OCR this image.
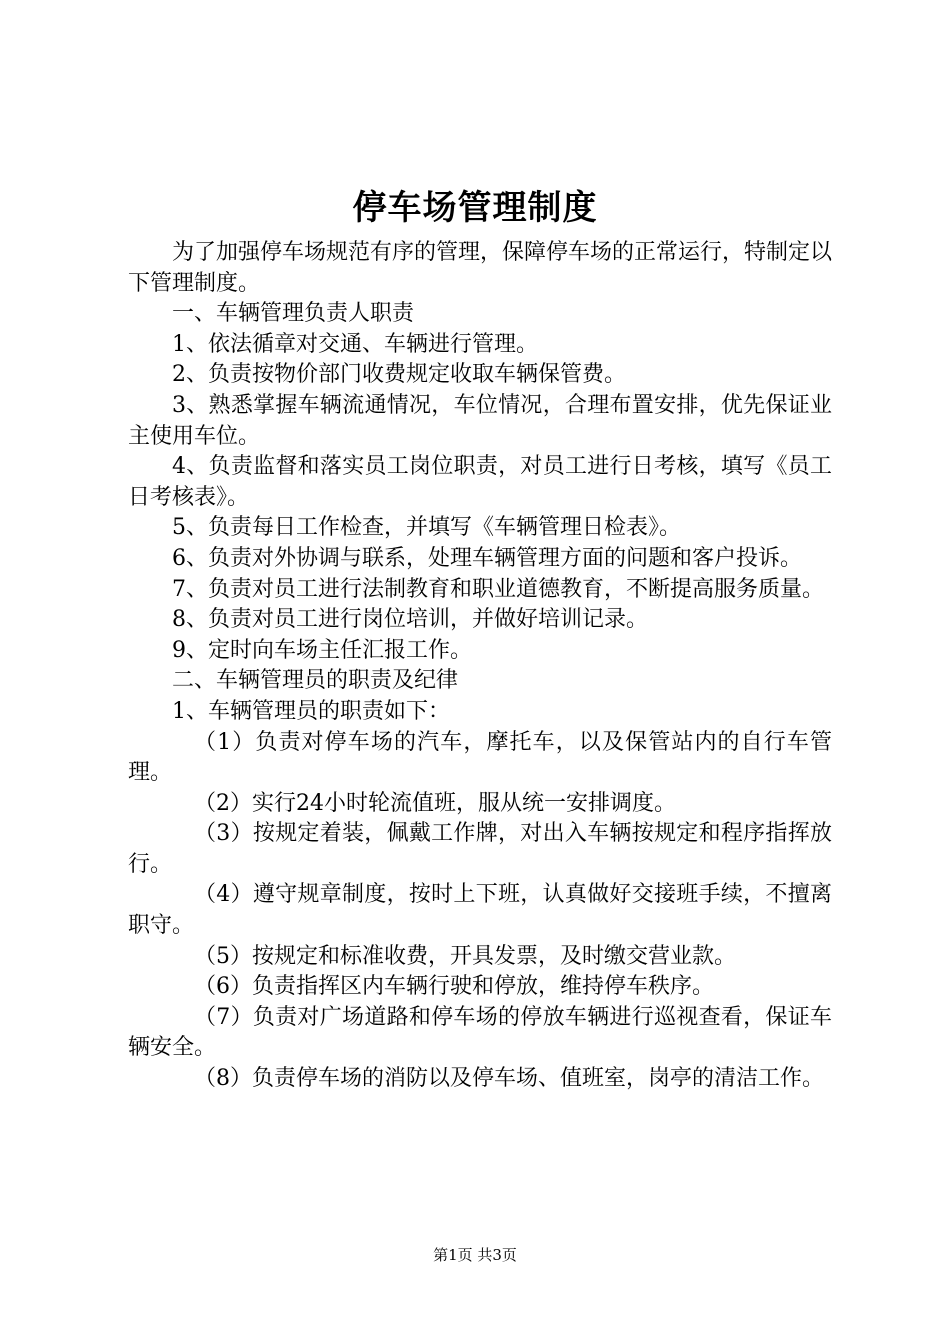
停车场管理制度

为了加强停车场规范有序的管理，保障停车场的正常运行，特制定以下管理制度。

一、车辆管理负责人职责

1、依法循章对交通、车辆进行管理。

2、负责按物价部门收费规定收取车辆保管费。

3、熟悉掌握车辆流通情况，车位情况，合理布置安排，优先保证业主使用车位。

4、负责监督和落实员工岗位职责，对员工进行日考核，填写《员工日考核表》。

5、负责每日工作检查，并填写《车辆管理日检表》。

6、负责对外协调与联系，处理车辆管理方面的问题和客户投诉。

7、负责对员工进行法制教育和职业道德教育，不断提高服务质量。

8、负责对员工进行岗位培训，并做好培训记录。

9、定时向车场主任汇报工作。

二、车辆管理员的职责及纪律

1、车辆管理员的职责如下：

（1）负责对停车场的汽车，摩托车，以及保管站内的自行车管理。

（2）实行24小时轮流值班，服从统一安排调度。

（3）按规定着装，佩戴工作牌，对出入车辆按规定和程序指挥放行。

（4）遵守规章制度，按时上下班，认真做好交接班手续，不擅离职守。

（5）按规定和标准收费，开具发票，及时缴交营业款。

（6）负责指挥区内车辆行驶和停放，维持停车秩序。

（7）负责对广场道路和停车场的停放车辆进行巡视查看，保证车辆安全。

（8）负责停车场的消防以及停车场、值班室，岗亭的清洁工作。

第1页 共3页
